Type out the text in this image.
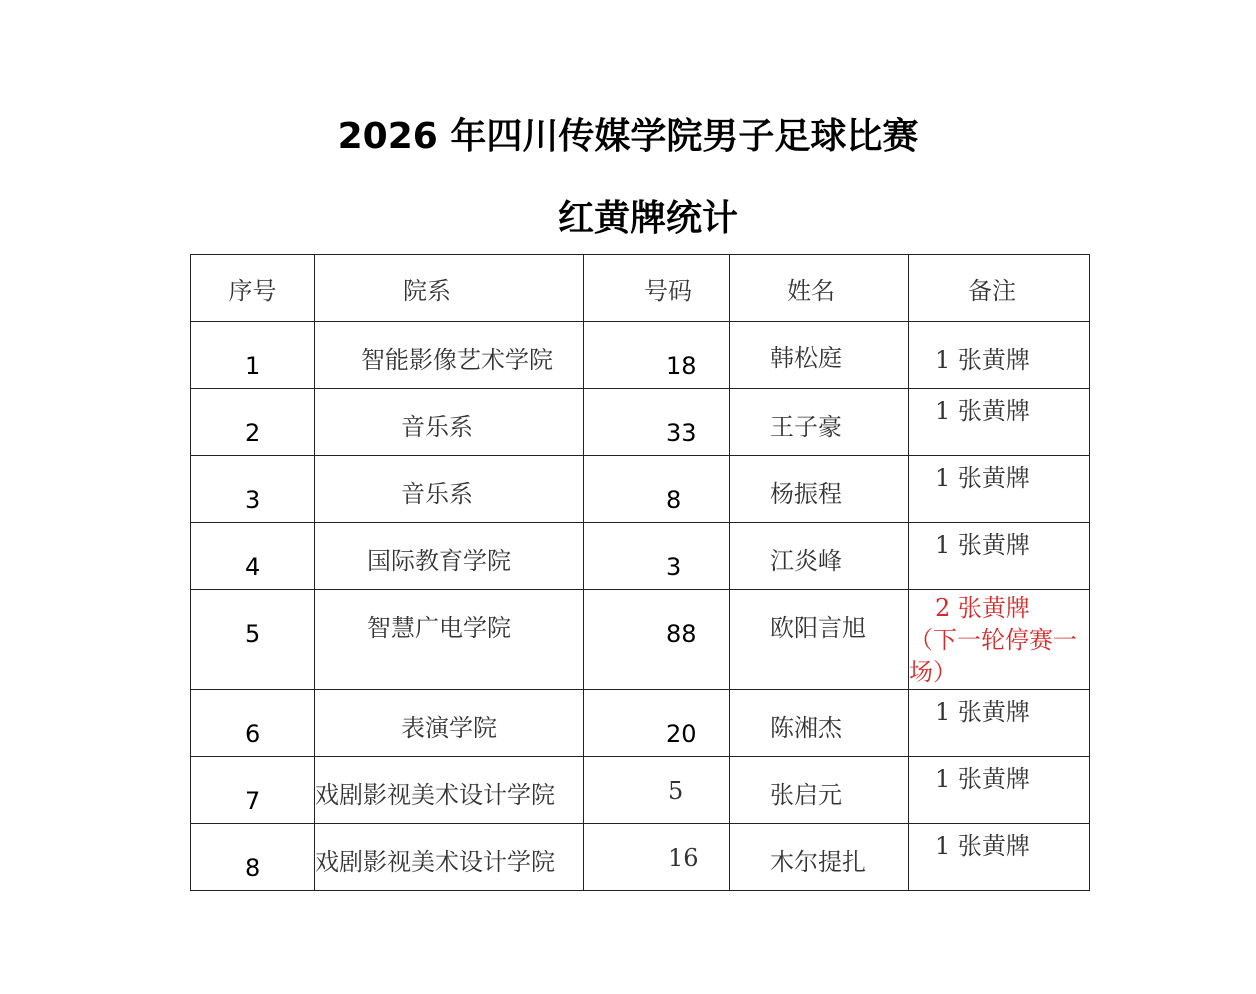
2026 年四川传媒学院男子足球比赛
红黄牌统计
序号	院系	号码	姓名	备注

1	智能影像艺术学院	18	韩松庭	1 张黄牌

2	音乐系	33	王子豪	1 张黄牌

3	音乐系	8	杨振程	1 张黄牌

4	国际教育学院	3	江炎峰	1 张黄牌

5	智慧广电学院	88	欧阳言旭	2 张黄牌
（下一轮停赛一场）

6	表演学院	20	陈湘杰	1 张黄牌

7	戏剧影视美术设计学院	5	张启元	1 张黄牌

8	戏剧影视美术设计学院	16	木尔提扎	1 张黄牌
